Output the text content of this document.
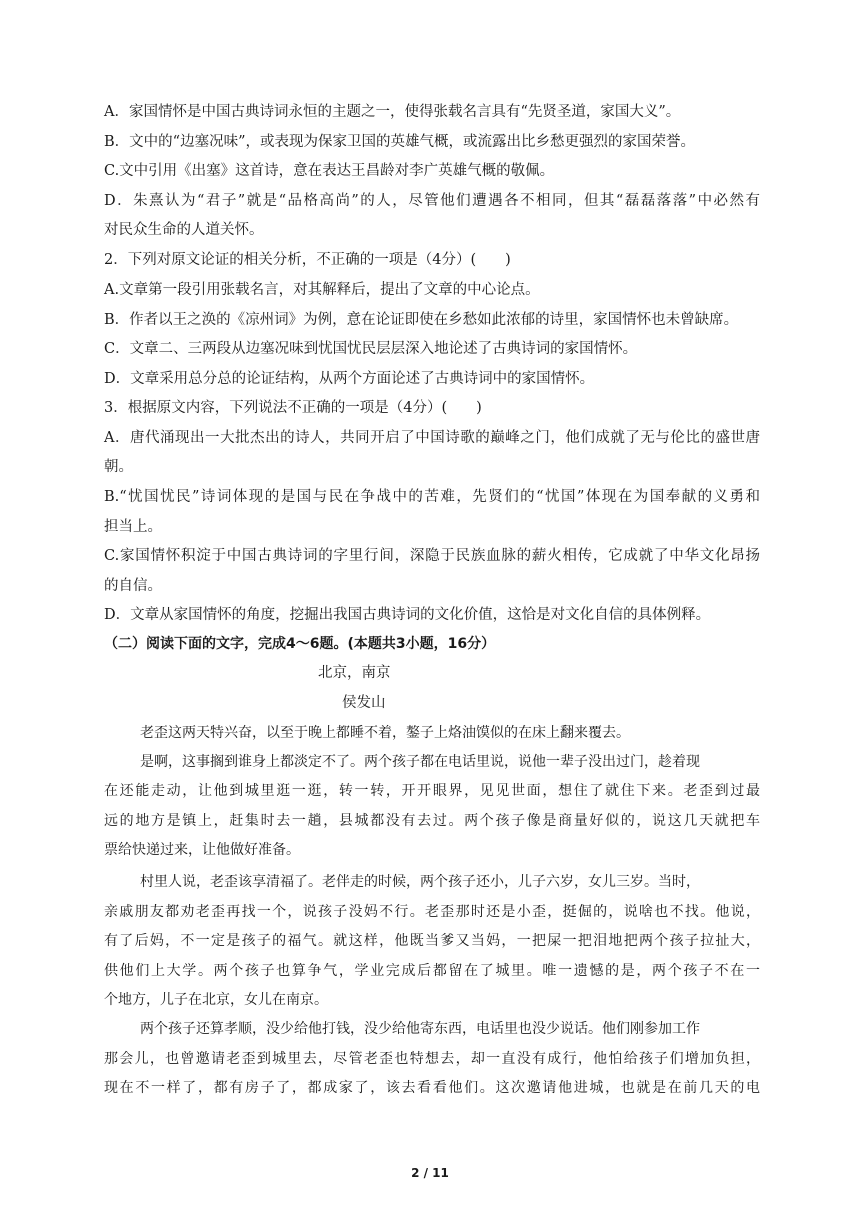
A．家国情怀是中国古典诗词永恒的主题之一，使得张载名言具有“先贤圣道，家国大义”。
B．文中的“边塞况味”，或表现为保家卫国的英雄气概，或流露出比乡愁更强烈的家国荣誉。
C.文中引用《出塞》这首诗，意在表达王昌龄对李广英雄气概的敬佩。
D．朱熹认为“君子”就是“品格高尚”的人，尽管他们遭遇各不相同，但其“磊磊落落”中必然有
对民众生命的人道关怀。
2．下列对原文论证的相关分析，不正确的一项是（4分）(　　)
A.文章第一段引用张载名言，对其解释后，提出了文章的中心论点。
B．作者以王之涣的《凉州词》为例，意在论证即使在乡愁如此浓郁的诗里，家国情怀也未曾缺席。
C．文章二、三两段从边塞况味到忧国忧民层层深入地论述了古典诗词的家国情怀。
D．文章采用总分总的论证结构，从两个方面论述了古典诗词中的家国情怀。
3．根据原文内容，下列说法不正确的一项是（4分）(　　)
A．唐代涌现出一大批杰出的诗人，共同开启了中国诗歌的巅峰之门，他们成就了无与伦比的盛世唐
朝。
B.“忧国忧民”诗词体现的是国与民在争战中的苦难，先贤们的“忧国”体现在为国奉献的义勇和
担当上。
C.家国情怀积淀于中国古典诗词的字里行间，深隐于民族血脉的薪火相传，它成就了中华文化昂扬
的自信。
D．文章从家国情怀的角度，挖掘出我国古典诗词的文化价值，这恰是对文化自信的具体例释。
（二）阅读下面的文字，完成4～6题。(本题共3小题，16分）
北京，南京
侯发山
老歪这两天特兴奋，以至于晚上都睡不着，鏊子上烙油馍似的在床上翻来覆去。
是啊，这事搁到谁身上都淡定不了。两个孩子都在电话里说，说他一辈子没出过门，趁着现
在还能走动，让他到城里逛一逛，转一转，开开眼界，见见世面，想住了就住下来。老歪到过最
远的地方是镇上，赶集时去一趟，县城都没有去过。两个孩子像是商量好似的，说这几天就把车
票给快递过来，让他做好准备。
村里人说，老歪该享清福了。老伴走的时候，两个孩子还小，儿子六岁，女儿三岁。当时，
亲戚朋友都劝老歪再找一个，说孩子没妈不行。老歪那时还是小歪，挺倔的，说啥也不找。他说，
有了后妈，不一定是孩子的福气。就这样，他既当爹又当妈，一把屎一把泪地把两个孩子拉扯大，
供他们上大学。两个孩子也算争气，学业完成后都留在了城里。唯一遗憾的是，两个孩子不在一
个地方，儿子在北京，女儿在南京。
两个孩子还算孝顺，没少给他打钱，没少给他寄东西，电话里也没少说话。他们刚参加工作
那会儿，也曾邀请老歪到城里去，尽管老歪也特想去，却一直没有成行，他怕给孩子们增加负担，
现在不一样了，都有房子了，都成家了，该去看看他们。这次邀请他进城，也就是在前几天的电
2 / 11
